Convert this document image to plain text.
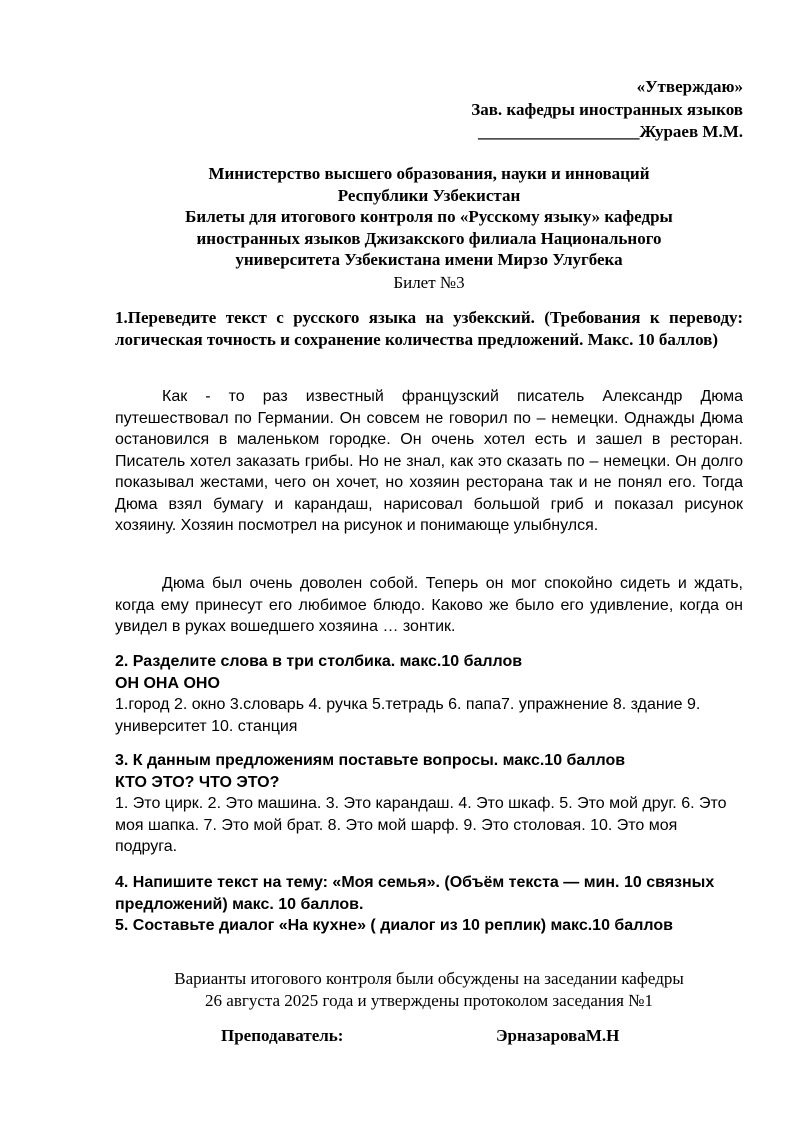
«Утверждаю»
Зав. кафедры иностранных языков
___________________Жураев М.М.
Министерство высшего образования, науки и инноваций
Республики Узбекистан
Билеты для итогового контроля по «Русскому языку» кафедры
иностранных языков Джизакского филиала Национального
университета Узбекистана имени Мирзо Улугбека
Билет №3
1.Переведите текст с русского языка на узбекский. (Требования к переводу: логическая точность и сохранение количества предложений. Макс. 10 баллов)
Как - то раз известный французский писатель Александр Дюма путешествовал по Германии. Он совсем не говорил по – немецки. Однажды Дюма остановился в маленьком городке. Он очень хотел есть и зашел в ресторан. Писатель хотел заказать грибы. Но не знал, как это сказать по – немецки. Он долго показывал жестами, чего он хочет, но хозяин ресторана так и не понял его. Тогда Дюма взял бумагу и карандаш, нарисовал большой гриб и показал рисунок хозяину. Хозяин посмотрел на рисунок и понимающе улыбнулся.
Дюма был очень доволен собой. Теперь он мог спокойно сидеть и ждать, когда ему принесут его любимое блюдо. Каково же было его удивление, когда он увидел в руках вошедшего хозяина … зонтик.
2. Разделите слова в три столбика. макс.10 баллов
ОН ОНА ОНО
1.город 2. окно 3.словарь 4. ручка 5.тетрадь 6. папа7. упражнение 8. здание 9. университет 10. станция
3. К данным предложениям поставьте вопросы. макс.10 баллов
КТО ЭТО? ЧТО ЭТО?
1. Это цирк. 2. Это машина. 3. Это карандаш. 4. Это шкаф. 5. Это мой друг. 6. Это моя шапка. 7. Это мой брат. 8. Это мой шарф. 9. Это столовая. 10. Это моя подруга.
4. Напишите текст на тему: «Моя семья». (Объём текста — мин. 10 связных предложений) макс. 10 баллов.
5. Составьте диалог «На кухне» ( диалог из 10 реплик) макс.10 баллов
Варианты итогового контроля были обсуждены на заседании кафедры
26 августа 2025 года и утверждены протоколом заседания №1
Преподаватель:	ЭрназароваМ.Н
